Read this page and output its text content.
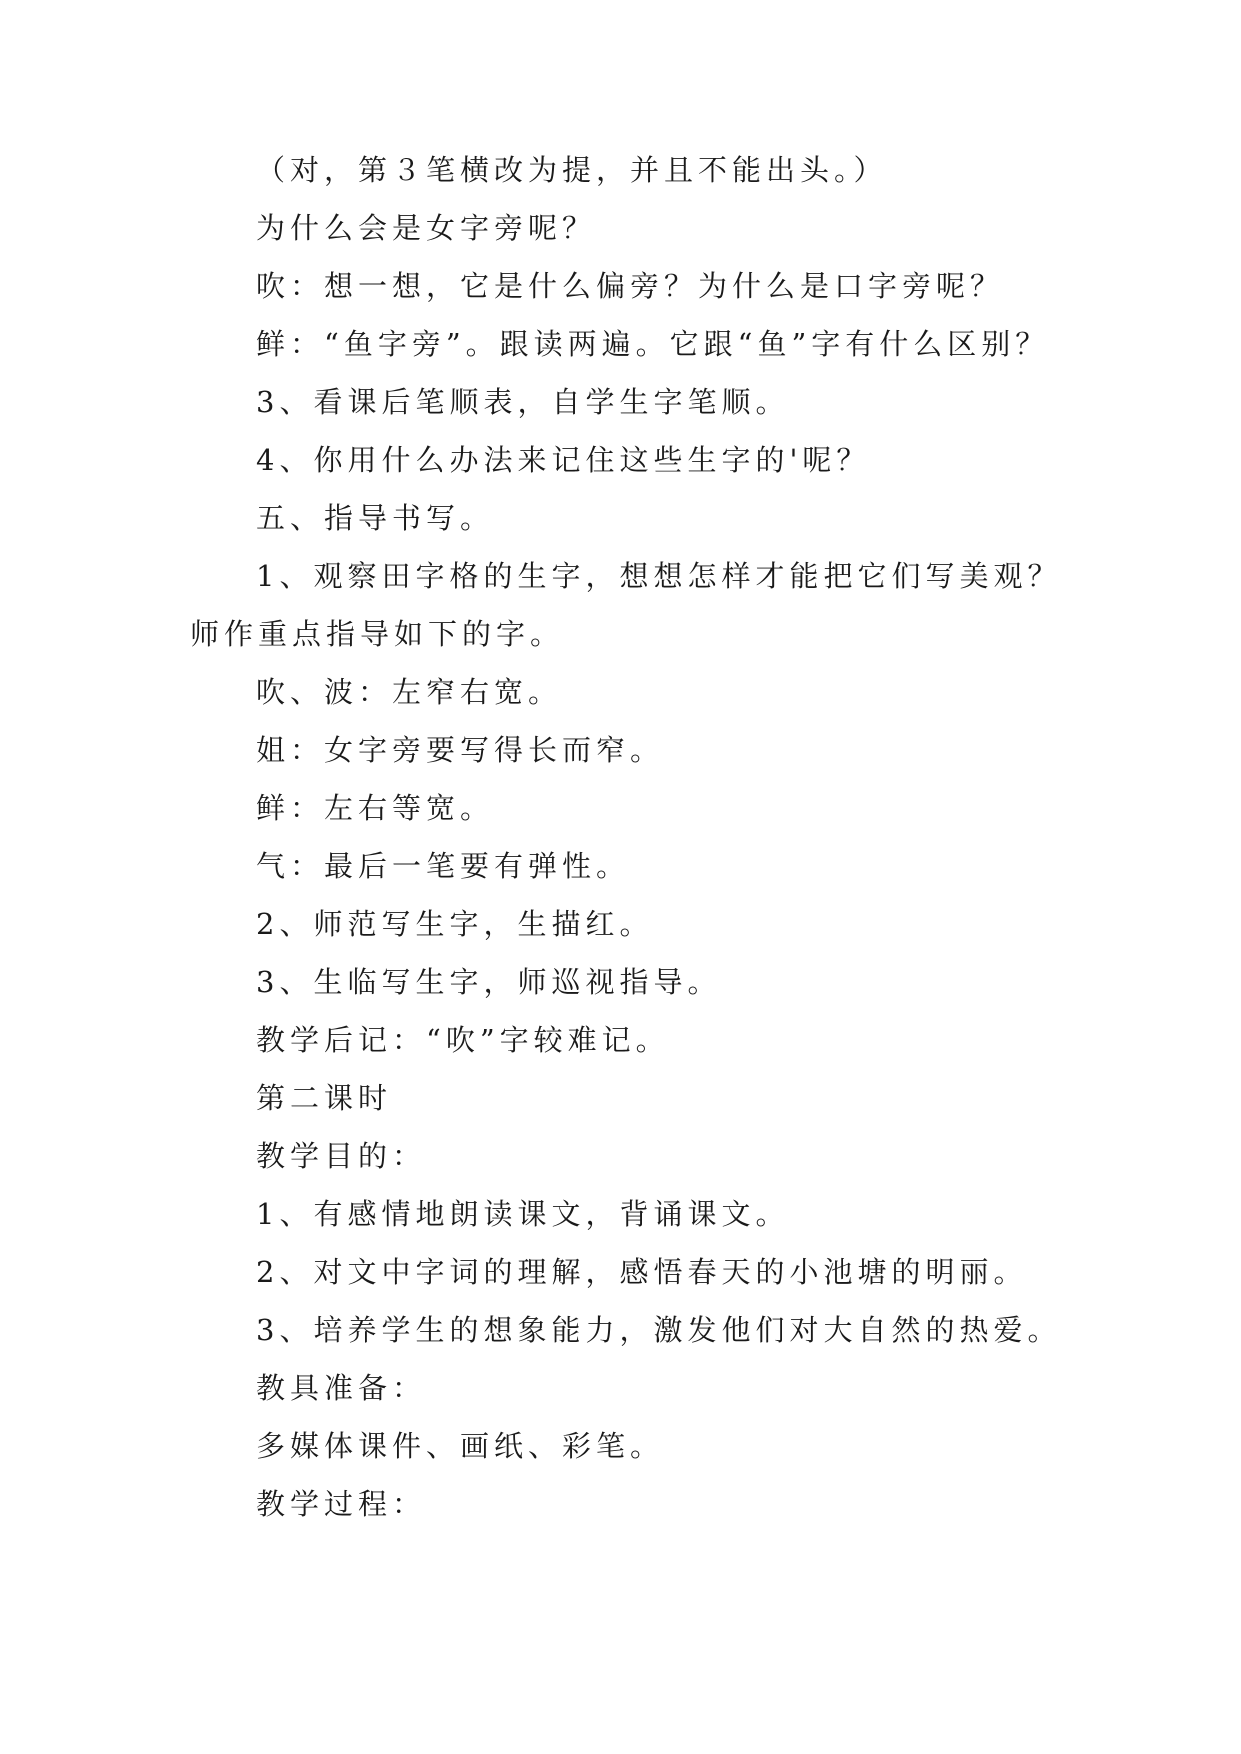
（对，第３笔横改为提，并且不能出头。）
为什么会是女字旁呢？
吹：想一想，它是什么偏旁？为什么是口字旁呢？
鲜：“鱼字旁”。跟读两遍。它跟“鱼”字有什么区别？
3、看课后笔顺表，自学生字笔顺。
4、你用什么办法来记住这些生字的'呢？
五、指导书写。
1、观察田字格的生字，想想怎样才能把它们写美观？
师作重点指导如下的字。
吹、波：左窄右宽。
姐：女字旁要写得长而窄。
鲜：左右等宽。
气：最后一笔要有弹性。
2、师范写生字，生描红。
3、生临写生字，师巡视指导。
教学后记：“吹”字较难记。
第二课时
教学目的：
1、有感情地朗读课文，背诵课文。
2、对文中字词的理解，感悟春天的小池塘的明丽。
3、培养学生的想象能力，激发他们对大自然的热爱。
教具准备：
多媒体课件、画纸、彩笔。
教学过程：
